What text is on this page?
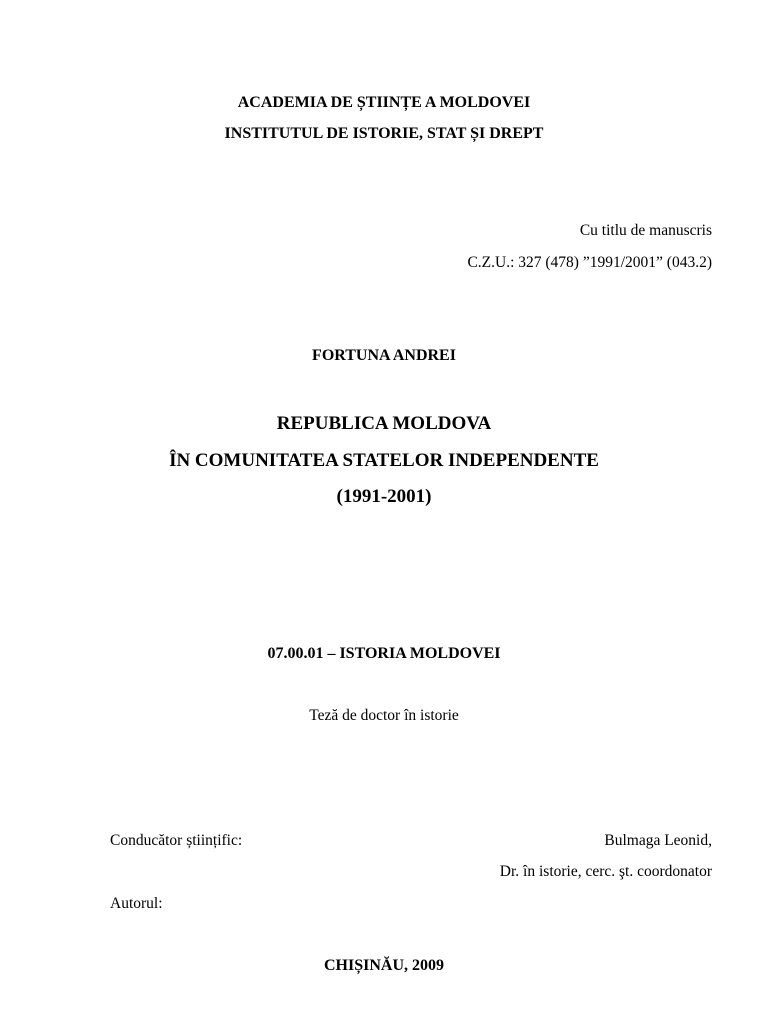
ACADEMIA DE ȘTIINȚE A MOLDOVEI
INSTITUTUL DE ISTORIE, STAT ȘI DREPT
Cu titlu de manuscris
C.Z.U.: 327 (478) ”1991/2001” (043.2)
FORTUNA ANDREI
REPUBLICA MOLDOVA
ÎN COMUNITATEA STATELOR INDEPENDENTE
(1991-2001)
07.00.01 – ISTORIA MOLDOVEI
Teză de doctor în istorie
Conducător științific:	Bulmaga Leonid,
Dr. în istorie, cerc. şt. coordonator
Autorul:
CHIȘINĂU, 2009
